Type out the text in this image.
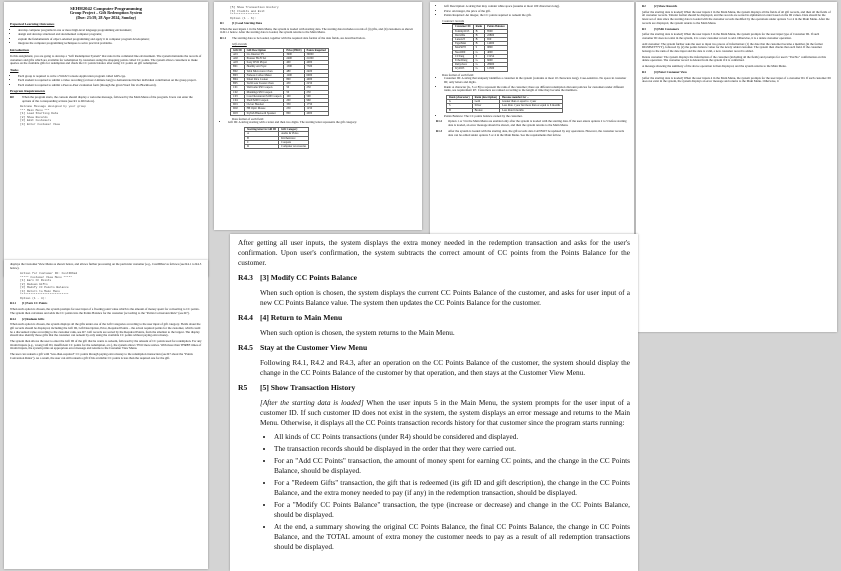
SEHH2042 Computer Programming
Group Project – Gift Redemption System
(Due: 23:59, 28 Apr 2024, Sunday)
Expected Learning Outcomes
• develop computer programs in one or more high-level language programming environment;
• design and develop structured and documented computer programs;
• explain the fundamentals of object-oriented programming and apply it in computer program development;
• integrate the computer programming techniques to solve practical problems.
Introduction

In this assignment, you are going to develop a "Gift Redemption System" that runs in the command line environment. The system maintains the records of customers and gifts which are available for redemption by customers using the shopping points called CC points. The system allows customers to make queries on the available gifts for redemption and check the CC points balance after using CC points on gift redemption.

Tasks
• Each group is required to write a Win32 Console Application program called GRS.cpp.
• Each student is required to submit a video recording (at most 2-minute long) to demonstrate his/her individual contribution on the group project.
• Each student is required to submit a Peer-to-Peer evaluation form (through the given Word file via Blackboard).
Program Requirements
R0	When the program starts, the console should display a welcome message, followed by the Main Menu of the program. Users can enter the options of the corresponding actions (see R1 to R6 below).
Welcome Message designed by your group
*** Main Menu ***
[1] Load Starting Data
[2] Show Records
[3] Edit Customers
[4] Enter Customer View

displays the Customer View Menu as shown below, and allows further processing on the particular customer (e.g., CustID6a2 as follows (see R4.1 to R4.5 below).

Action for Customer ID: CustID6a2
***** Customer View Menu *****
[1] Earn CC Points
[2] Redeem Gifts
[3] Modify CC Points Balance
[4] Return to Main Menu
****************************
Option (1 - 4):
R4.1	[1] Earn CC Points

When such option is chosen, the system prompts for user input of a floating point value which is the amount of money spent for converting to CC points. The system then calculates and adds the CC points into the Points Balance for the customer (according to the "Points Conversion Rule" (see R7).

R4.2	[2] Redeem Gifts

When such option is chosen, the system displays all the gifts under one of the Gift Categories according to the user input of gift category. Fields about the gift records should be displayed, including the Gift ID, Gift Description, Price, Required Points – the actual required points for the customer, which could be a discounted value according to the customer rank, see R7. Gift records are sorted by the Required Points, from the smallest to the largest. The display should also identify those gifts that the customer can redeem by only using the available CC points without paying extra money.

The system then allows the user to enter the Gift ID of the gift that he wants to redeem, followed by the amount of CC points used for redemption. For any invalid inputs (e.g., wrong Gift ID, insufficient CC points for the redemption, etc.), the system allows TWO more retries. With more than THREE times of invalid inputs, the system prints an appropriate error message and returns to the Customer View Menu.

The user can redeem a gift with "less-than-required" CC points through paying extra money to the redemption transaction (see R7 about the "Points Conversion Rules"). As a result, the user can still redeem a gift if his available CC points is less than the required one for the gift.

[5] Show Transaction History
[6] Credits and Exit
*****************
Option (1 - 6):
R1	[1] Load Starting Data

When the user inputs 1 in the Main Menu, the system is loaded with starting data. The starting data includes records of (i) gifts, and (ii) customers as shown in R1.1 below. After the starting data is loaded, the system returns to the Main Menu.

R1.1	The starting data to be loaded, together with the required data format of the data fields, are described below.
Gift records
Gift ID	Gift Description	Price (HKD)	Points Required
A01	LG Internet TV	3900	39000
A02	Pioneer Hi-Fi Set	2400	21000
A03	Sony DVD Player	400	4000
B01	Healthy Air Fryer	1500	7500
B02	Tefal Microwave Oven	480	2400
B03	Famous Coffee Maker	1200	6000
B04	Smart Rice Cooker	800	4000
B05	TechCook Toaster Oven	450	2250
C01	Wellcome $50 Coupon	50	250
C02	Mannings $50 Coupon	50	250
C03	Carol Restaurant $100 Coupon	100	500
C04	Shell $200 Coupon	200	960
D01	Clever Headset	350	1750
D02	HP Optic Mouse	250	1250
D03	Stylish Bluetooth Speaker	800	4000
Data format of each field:
• Gift ID: A string starting with a letter and then two digits. The starting letter represents the gift category:
Starting letter in Gift ID	Gift Category
A	Audio & Video
B	Kitchenware
C	Coupons
D	Computer Accessories
• Gift Description: A string that may contain white space (assume at most 100 characters long).
• Price: An integer, the price of the gift.
• Points Required: An integer, the CC points required to redeem the gift.
Customer records
Customer ID	Rank	Points Balance
Tommy2015	B	8500
DavidDa	B	22800
Luna123	B	650
TigerMan	B	14000
Max5678	S	9800
Neo2000	G	4000
CCTang	S	15254
EchoWong	G	6600
Rubychow	G	28000
Ivy2023	G	12500
Data format of each field:
• Customer ID: A string that uniquely identifies a customer in the system (contains at most 10 characters long). Case-sensitive. No space in customer ID; only letters and digits.
• Rank: A character (G, S or B) to represent the rank of the customer; there are different redemption discount policies for customers under different ranks, see requirement R7. Customers are ranked according to the length of time they become the members.
Rank (character)	Rank (description)	Become member for ...
G	Gold	Greater than or equal to 1 year
S	Silver	Less than 1 year but more than or equal to 6 months
B	Bronze	Less than 6 months
• Points Balance: The CC points balance owned by the customer.
R1.2	Option 1 or 3 in the Main Menu are enabled only after the system is loaded with the starting data. If the user enters options 2 to 5 before starting data is loaded, an error message should be shown, and then the system returns to the Main Menu.
R1.3	After the system is loaded with the starting data, the gift records data CANNOT be updated by any operations. However, the customer records data can be edited under options 3 or 4 in the Main Menu. See the requirements that follow.
R2	[2] Show Records

[After the starting data is loaded] When the user inputs 2 in the Main Menu, the system displays all the fields of all gift records, and then all the fields of all customer records. Tabular format should be displayed, and the records are sorted in alphabetical order based on the ID values. Data should be the latest set of data since the starting data is loaded with the customer records modified by the operations under options 3 or 4 in the Main Menu. After the records are displayed, the system returns to the Main Menu.

R3	[3] Edit Customers

[After the starting data is loaded] When the user inputs 3 in the Main Menu, the system prompts for the user input type of Customer ID. If such customer ID does not exist in the system, it is a new customer record to add. Otherwise, it is a delete customer operation.

Add customer: The system further asks the user to input two pieces of information: (1) the date that the customer became a member (in the format DD/MM/YYYY), followed by (2) the points balance value for the newly added customer. The system then checks that each field. If the customer belongs to the rank of the date input and the data is valid, a new customer record is added.

Delete customer: The system displays the information of the customer (including all the fields) and prompts for user's "Yes/No" confirmation on this delete operation. The customer record is deleted from the system if it is confirmed.

A message showing the summary of the above operation is then displayed, and the system returns to the Main Menu.

R4	[4] Enter Customer View

[After the starting data is loaded] When the user inputs 4 in the Main Menu, the system prompts for the user input of a customer ID. If such customer ID does not exist in the system, the system displays an error message and returns to the Main Menu. Otherwise, it

After getting all user inputs, the system displays the extra money needed in the redemption transaction and asks for the user's confirmation. Upon user's confirmation, the system subtracts the correct amount of CC points from the Points Balance for the customer.

R4.3 [3] Modify CC Points Balance

When such option is chosen, the system displays the current CC Points Balance of the customer, and asks for user input of a new CC Points Balance value. The system then updates the CC Points Balance for the customer.

R4.4 [4] Return to Main Menu

When such option is chosen, the system returns to the Main Menu.

R4.5 Stay at the Customer View Menu

Following R4.1, R4.2 and R4.3, after an operation on the CC Points Balance of the customer, the system should display the change in the CC Points Balance of the customer by that operation, and then stays at the Customer View Menu.

R5	[5] Show Transaction History

[After the starting data is loaded] When the user inputs 5 in the Main Menu, the system prompts for the user input of a customer ID. If such customer ID does not exist in the system, the system displays an error message and returns to the Main Menu. Otherwise, it displays all the CC Points transaction records history for that customer since the program starts running:

• All kinds of CC Points transactions (under R4) should be considered and displayed.
• The transaction records should be displayed in the order that they were carried out.
• For an "Add CC Points" transaction, the amount of money spent for earning CC points, and the change in the CC Points Balance, should be displayed.
• For a "Redeem Gifts" transaction, the gift that is redeemed (its gift ID and gift description), the change in the CC Points Balance, and the extra money needed to pay (if any) in the redemption transaction, should be displayed.
• For a "Modify CC Points Balance" transaction, the type (increase or decrease) and change in the CC Points Balance, should be displayed.
• At the end, a summary showing the original CC Points Balance, the final CC Points Balance, the change in CC Points Balance, and the TOTAL amount of extra money the customer needs to pay as a result of all redemption transactions should be displayed.
